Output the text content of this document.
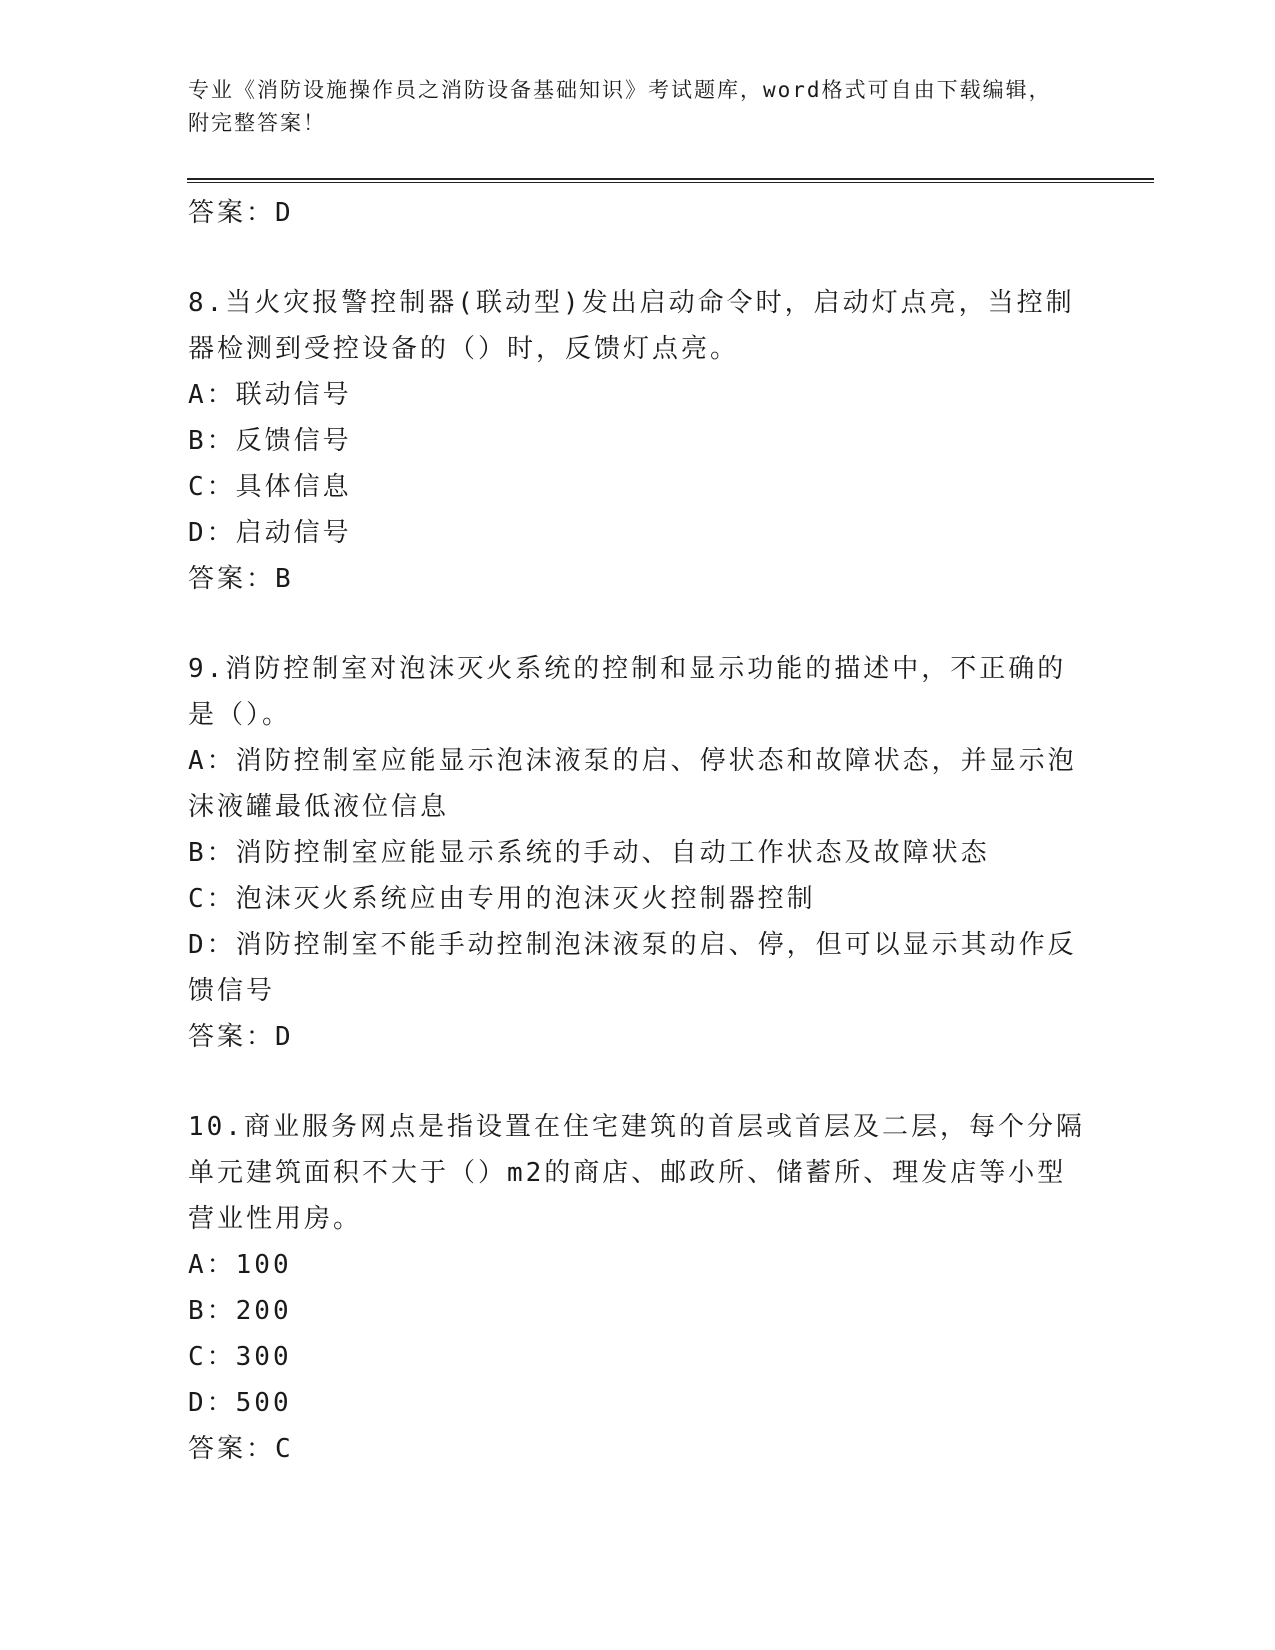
专业《消防设施操作员之消防设备基础知识》考试题库，word格式可自由下载编辑，附完整答案！

答案：D

8.当火灾报警控制器(联动型)发出启动命令时，启动灯点亮，当控制器检测到受控设备的（）时，反馈灯点亮。

A：联动信号

B：反馈信号

C：具体信息

D：启动信号

答案：B

9.消防控制室对泡沫灭火系统的控制和显示功能的描述中，不正确的是（）。

A：消防控制室应能显示泡沫液泵的启、停状态和故障状态，并显示泡沫液罐最低液位信息

B：消防控制室应能显示系统的手动、自动工作状态及故障状态

C：泡沫灭火系统应由专用的泡沫灭火控制器控制

D：消防控制室不能手动控制泡沫液泵的启、停，但可以显示其动作反馈信号

答案：D

10.商业服务网点是指设置在住宅建筑的首层或首层及二层，每个分隔单元建筑面积不大于（）m2的商店、邮政所、储蓄所、理发店等小型营业性用房。

A：100

B：200

C：300

D：500

答案：C
